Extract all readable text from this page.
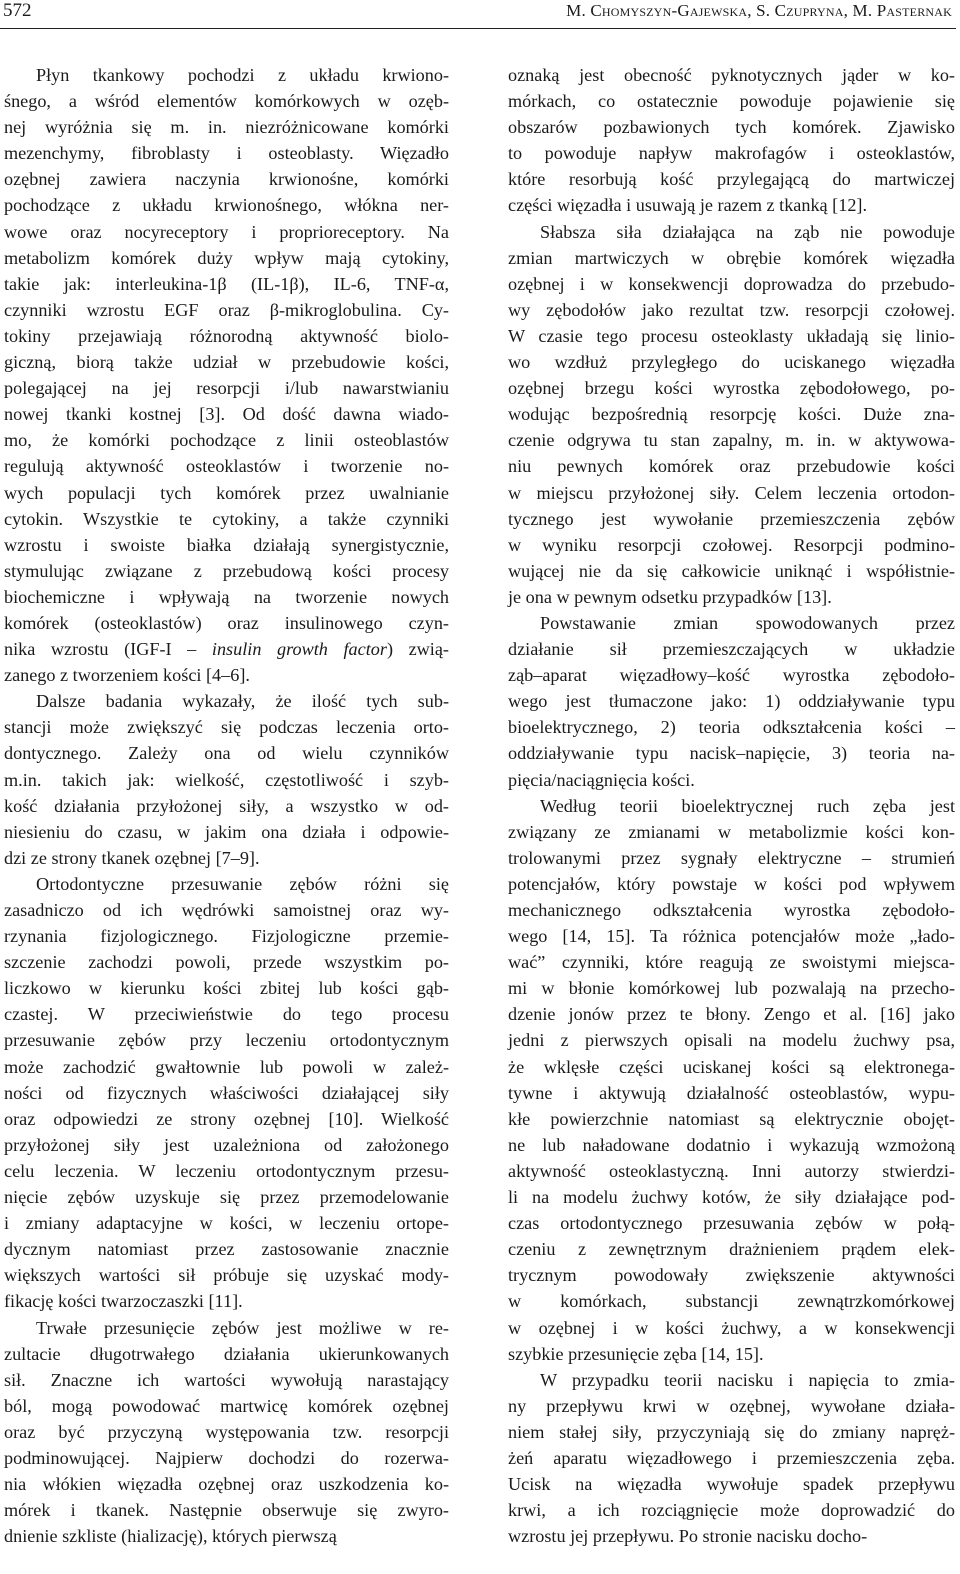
572	M. Chomyszyn-Gajewska, S. Czupryna, M. Pasternak

Płyn tkankowy pochodzi z układu krwiono-
śnego, a wśród elementów komórkowych w ozęb-
nej wyróżnia się m. in. niezróżnicowane komórki
mezenchymy, fibroblasty i osteoblasty. Więzadło
ozębnej zawiera naczynia krwionośne, komórki
pochodzące z układu krwionośnego, włókna ner-
wowe oraz nocyreceptory i proprioreceptory. Na
metabolizm komórek duży wpływ mają cytokiny,
takie jak: interleukina-1β (IL-1β), IL-6, TNF-α,
czynniki wzrostu EGF oraz β-mikroglobulina. Cy-
tokiny przejawiają różnorodną aktywność biolo-
giczną, biorą także udział w przebudowie kości,
polegającej na jej resorpcji i/lub nawarstwianiu
nowej tkanki kostnej [3]. Od dość dawna wiado-
mo, że komórki pochodzące z linii osteoblastów
regulują aktywność osteoklastów i tworzenie no-
wych populacji tych komórek przez uwalnianie
cytokin. Wszystkie te cytokiny, a także czynniki
wzrostu i swoiste białka działają synergistycznie,
stymulując związane z przebudową kości procesy
biochemiczne i wpływają na tworzenie nowych
komórek (osteoklastów) oraz insulinowego czyn-
nika wzrostu (IGF-I – insulin growth factor) zwią-
zanego z tworzeniem kości [4–6].

Dalsze badania wykazały, że ilość tych sub-
stancji może zwiększyć się podczas leczenia orto-
dontycznego. Zależy ona od wielu czynników
m.in. takich jak: wielkość, częstotliwość i szyb-
kość działania przyłożonej siły, a wszystko w od-
niesieniu do czasu, w jakim ona działa i odpowie-
dzi ze strony tkanek ozębnej [7–9].

Ortodontyczne przesuwanie zębów różni się
zasadniczo od ich wędrówki samoistnej oraz wy-
rzynania fizjologicznego. Fizjologiczne przemie-
szczenie zachodzi powoli, przede wszystkim po-
liczkowo w kierunku kości zbitej lub kości gąb-
czastej. W przeciwieństwie do tego procesu
przesuwanie zębów przy leczeniu ortodontycznym
może zachodzić gwałtownie lub powoli w zależ-
ności od fizycznych właściwości działającej siły
oraz odpowiedzi ze strony ozębnej [10]. Wielkość
przyłożonej siły jest uzależniona od założonego
celu leczenia. W leczeniu ortodontycznym przesu-
nięcie zębów uzyskuje się przez przemodelowanie
i zmiany adaptacyjne w kości, w leczeniu ortope-
dycznym natomiast przez zastosowanie znacznie
większych wartości sił próbuje się uzyskać mody-
fikację kości twarzoczaszki [11].

Trwałe przesunięcie zębów jest możliwe w re-
zultacie długotrwałego działania ukierunkowanych
sił. Znaczne ich wartości wywołują narastający
ból, mogą powodować martwicę komórek ozębnej
oraz być przyczyną występowania tzw. resorpcji
podminowującej. Najpierw dochodzi do rozerwa-
nia włókien więzadła ozębnej oraz uszkodzenia ko-
mórek i tkanek. Następnie obserwuje się zwyro-
dnienie szkliste (hializację), których pierwszą

oznaką jest obecność pyknotycznych jąder w ko-
mórkach, co ostatecznie powoduje pojawienie się
obszarów pozbawionych tych komórek. Zjawisko
to powoduje napływ makrofagów i osteoklastów,
które resorbują kość przylegającą do martwiczej
części więzadła i usuwają je razem z tkanką [12].

Słabsza siła działająca na ząb nie powoduje
zmian martwiczych w obrębie komórek więzadła
ozębnej i w konsekwencji doprowadza do przebudo-
wy zębodołów jako rezultat tzw. resorpcji czołowej.
W czasie tego procesu osteoklasty układają się linio-
wo wzdłuż przyległego do uciskanego więzadła
ozębnej brzegu kości wyrostka zębodołowego, po-
wodując bezpośrednią resorpcję kości. Duże zna-
czenie odgrywa tu stan zapalny, m. in. w aktywowa-
niu pewnych komórek oraz przebudowie kości
w miejscu przyłożonej siły. Celem leczenia ortodon-
tycznego jest wywołanie przemieszczenia zębów
w wyniku resorpcji czołowej. Resorpcji podmino-
wującej nie da się całkowicie uniknąć i współistnie-
je ona w pewnym odsetku przypadków [13].

Powstawanie zmian spowodowanych przez
działanie sił przemieszczających w układzie
ząb–aparat więzadłowy–kość wyrostka zębodoło-
wego jest tłumaczone jako: 1) oddziaływanie typu
bioelektrycznego, 2) teoria odkształcenia kości –
oddziaływanie typu nacisk–napięcie, 3) teoria na-
pięcia/naciągnięcia kości.

Według teorii bioelektrycznej ruch zęba jest
związany ze zmianami w metabolizmie kości kon-
trolowanymi przez sygnały elektryczne – strumień
potencjałów, który powstaje w kości pod wpływem
mechanicznego odkształcenia wyrostka zębodoło-
wego [14, 15]. Ta różnica potencjałów może „łado-
wać” czynniki, które reagują ze swoistymi miejsca-
mi w błonie komórkowej lub pozwalają na przecho-
dzenie jonów przez te błony. Zengo et al. [16] jako
jedni z pierwszych opisali na modelu żuchwy psa,
że wklęsłe części uciskanej kości są elektronega-
tywne i aktywują działalność osteoblastów, wypu-
kłe powierzchnie natomiast są elektrycznie obojęt-
ne lub naładowane dodatnio i wykazują wzmożoną
aktywność osteoklastyczną. Inni autorzy stwierdzi-
li na modelu żuchwy kotów, że siły działające pod-
czas ortodontycznego przesuwania zębów w połą-
czeniu z zewnętrznym drażnieniem prądem elek-
trycznym powodowały zwiększenie aktywności
w komórkach, substancji zewnątrzkomórkowej
w ozębnej i w kości żuchwy, a w konsekwencji
szybkie przesunięcie zęba [14, 15].

W przypadku teorii nacisku i napięcia to zmia-
ny przepływu krwi w ozębnej, wywołane działa-
niem stałej siły, przyczyniają się do zmiany napręż-
żeń aparatu więzadłowego i przemieszczenia zęba.
Ucisk na więzadła wywołuje spadek przepływu
krwi, a ich rozciągnięcie może doprowadzić do
wzrostu jej przepływu. Po stronie nacisku docho-
